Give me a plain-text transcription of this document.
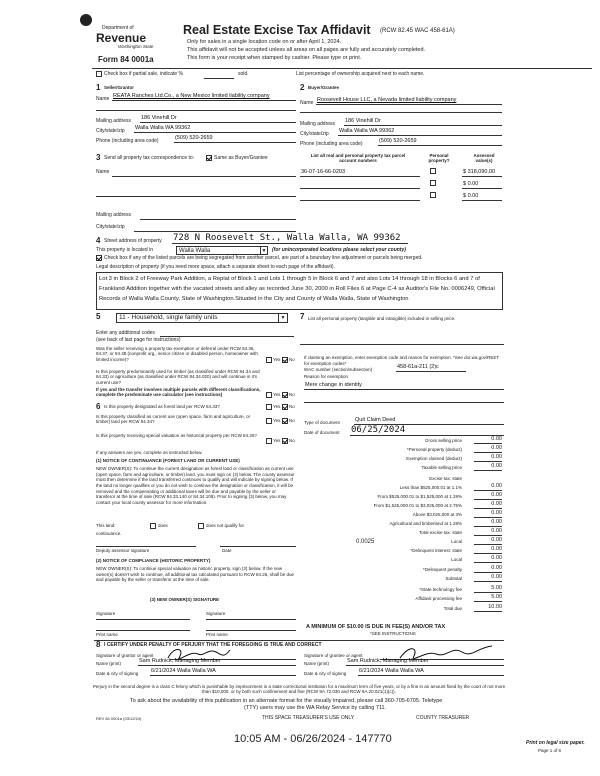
Department of
Revenue
Washington State
Form 84 0001a
Real Estate Excise Tax Affidavit (RCW 82.45 WAC 458-61A)
Only for sales in a single location code on or after April 1, 2024.
This affidavit will not be accepted unless all areas on all pages are fully and accurately completed.
This form is your receipt when stamped by cashier. Please type or print.
Check box if partial sale, indicate %	sold.	List percentage of ownership acquired next to each name.
1 Seller/Grantor
Name REATA Ranches Ltd.Co., a New Mexico limited liability company
Mailing address 186 Vinehill Dr
City/state/zip Walla Walla WA 99362
Phone (including area code)	(509) 520-2659
2 Buyer/Grantee
Name Roosevelt House LLC, a Nevada limited liability company
Mailing address 186 Vinehill Dr
City/state/zip Walla Walla WA 99362
Phone (including area code)	(509) 520-2659
3 Send all property tax correspondence to:	Same as Buyer/Grantee
Name
Mailing address
City/state/zip
List all real and personal property tax parcel account numbers
Personal property?
Assessed value(s)
36-07-16-66-0203	$ 318,090.00
$ 0.00
$ 0.00
4 Street address of property 728 N Roosevelt St., Walla Walla, WA 99362
This property is located in	Walla Walla	▼	(for unincorporated locations please select your county)
Check box if any of the listed parcels are being segregated from another parcel, are part of a boundary line adjustment or parcels being merged.
Legal description of property (if you need more space, attach a separate sheet to each page of the affidavit).
Lot 3 in Block 2 of Freeway Park Addition, a Replat of Block 1 and Lots 1 through 5 in Block 6 and 7 and also Lots 14 through 18 in Blocks 6 and 7 of Frankland Addition together with the vacated streets and alley as recorded June 30, 2000 in Roll Files 6 at Page C-4 as Auditor's File No. 0006249, Official Records of Walla Walla County, State of Washington.Situated in the City and County of Walla Walla, State of Washington
5	11 - Household, single family units	▼
Enter any additional codes
(see back of last page for instructions)
Was the seller receiving a property tax exemption or deferral under RCW 84.36, 84.37, or 84.38 (nonprofit org., senior citizen or disabled person, homeowner with limited income)?	Yes No
Is this property predominantly used for timber (as classified under RCW 84.34 and 84.33) or agriculture (as classified under RCW 84.34.020) and will continue in it's current use?
If yes and the transfer involves multiple parcels with different classifications, complete the predominate use calculator (see instructions)	Yes No
6 Is this property designated as forest land per RCW 84.33?	Yes No
Is this property classified as current use (open space, farm and agriculture, or timber) land per RCW 84.34?	Yes No
Is this property receiving special valuation as historical property per RCW 84.26?
Yes No
If any answers are yes, complete as instructed below.
(1) NOTICE OF CONTINUANCE (FOREST LAND OR CURRENT USE)
NEW OWNER(S): To continue the current designation as forest land or classification as current use (open space, farm and agriculture, or timber) land, you must sign on (3) below. The county assessor must then determine if the land transferred continues to qualify and will indicate by signing below. If the land no longer qualifies or you do not wish to continue the designation or classification, it will be removed and the compensating or additional taxes will be due and payable by the seller or transferor at the time of sale (RCW 84.33.140 or 84.34.108). Prior to signing (3) below, you may contact your local county assessor for more information.
This land:	does	does not qualify for
continuance.
Deputy assessor signature	Date
(2) NOTICE OF COMPLIANCE (HISTORIC PROPERTY)
NEW OWNER(S): To continue special valuation as historic property, sign (3) below. If the new owner(s) doesn't wish to continue, all additional tax calculated pursuant to RCW 84.26, shall be due and payable by the seller or transferor at the time of sale.
(3) NEW OWNER(S) SIGNATURE
Signature	Signature
Print name	Print name
7 List all personal property (tangible and intangible) included in selling price.
If claiming an exemption, enter exemption code and reason for exemption. *See dor.wa.gov/REET for exemption codes*
WAC number (section/subsection)	458-61a-211 (2)c
Reason for exemption
Mere change in identity
Type of document	Quit Claim Deed
Date of document 06/25/2024
Gross selling price	0.00
*Personal property (deduct)	0.00
Exemption claimed (deduct)	0.00
Taxable selling price	0.00
Excise tax: state
Less than $525,000.01 at 1.1%	0.00
From $525,000.01 to $1,525,000 at 1.28%	0.00
From $1,525,000.01 to $3,025,000 at 2.75%	0.00
Above $3,025,000 at 3%	0.00
Agricultural and timberland at 1.28%	0.00
Total excise tax: state	0.00
Local	0.00
*Delinquent interest: state	0.00
Local	0.00
*Delinquent penalty	0.00
Subtotal	0.00
*State technology fee	5.00
Affidavit processing fee	5.00
Total due	10.00
0.0025
A MINIMUM OF $10.00 IS DUE IN FEE(S) AND/OR TAX
*SEE INSTRUCTIONS
8 I CERTIFY UNDER PENALTY OF PERJURY THAT THE FOREGOING IS TRUE AND CORRECT
Signature of grantor or agent
Name (print)	Sam Rudnick, Managing Member
Date & city of signing 6/21/2024 Walla Walla WA
Signature of grantee or agent
Name (print)	Sam Rudnick, Managing Member
Date & city of signing 6/21/2024 Walla Walla WA
Perjury in the second degree is a class C felony which is punishable by imprisonment in a state correctional institution for a maximum term of five years, or by a fine in an amount fixed by the court of not more than $10,000, or by both such confinement and fine (RCW 9A.72.030 and RCW 9A.20.021(1)(c)).
To ask about the availability of this publication in an alternate format for the visually impaired, please call 360-705-6705. Teletype
(TTY) users may use the WA Relay Service by calling 711.
REV 84 0001a (03/12/24)	THIS SPACE TREASURER'S USE ONLY	COUNTY TREASURER
10:05 AM - 06/26/2024 - 147770	Print on legal size paper.
Page 1 of 6
